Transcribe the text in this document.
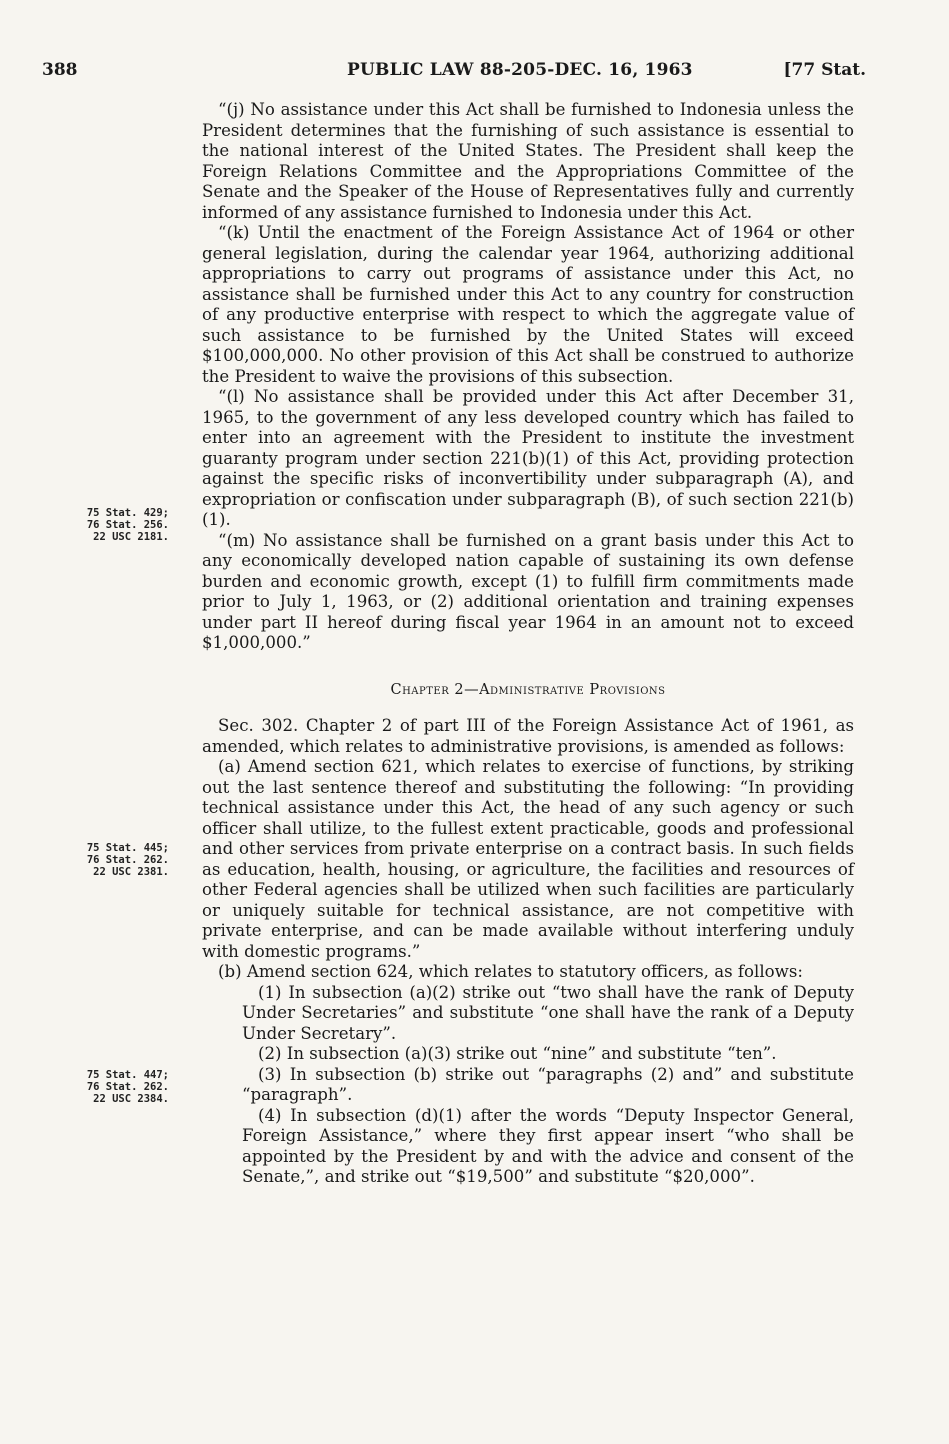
388	PUBLIC LAW 88-205-DEC. 16, 1963	[77 Stat.
75 Stat. 429;
76 Stat. 256.
22 USC 2181.
75 Stat. 445;
76 Stat. 262.
22 USC 2381.
75 Stat. 447;
76 Stat. 262.
22 USC 2384.

“(j) No assistance under this Act shall be furnished to Indonesia unless the President determines that the furnishing of such assistance is essential to the national interest of the United States. The President shall keep the Foreign Relations Committee and the Appropriations Committee of the Senate and the Speaker of the House of Representatives fully and currently informed of any assistance furnished to Indonesia under this Act.

“(k) Until the enactment of the Foreign Assistance Act of 1964 or other general legislation, during the calendar year 1964, authorizing additional appropriations to carry out programs of assistance under this Act, no assistance shall be furnished under this Act to any country for construction of any productive enterprise with respect to which the aggregate value of such assistance to be furnished by the United States will exceed $100,000,000. No other provision of this Act shall be construed to authorize the President to waive the provisions of this subsection.

“(l) No assistance shall be provided under this Act after December 31, 1965, to the government of any less developed country which has failed to enter into an agreement with the President to institute the investment guaranty program under section 221(b)(1) of this Act, providing protection against the specific risks of inconvertibility under subparagraph (A), and expropriation or confiscation under subparagraph (B), of such section 221(b)(1).

“(m) No assistance shall be furnished on a grant basis under this Act to any economically developed nation capable of sustaining its own defense burden and economic growth, except (1) to fulfill firm commitments made prior to July 1, 1963, or (2) additional orientation and training expenses under part II hereof during fiscal year 1964 in an amount not to exceed $1,000,000.”

Chapter 2—Administrative Provisions

Sec. 302. Chapter 2 of part III of the Foreign Assistance Act of 1961, as amended, which relates to administrative provisions, is amended as follows:

(a) Amend section 621, which relates to exercise of functions, by striking out the last sentence thereof and substituting the following: “In providing technical assistance under this Act, the head of any such agency or such officer shall utilize, to the fullest extent practicable, goods and professional and other services from private enterprise on a contract basis. In such fields as education, health, housing, or agriculture, the facilities and resources of other Federal agencies shall be utilized when such facilities are particularly or uniquely suitable for technical assistance, are not competitive with private enterprise, and can be made available without interfering unduly with domestic programs.”

(b) Amend section 624, which relates to statutory officers, as follows:

(1) In subsection (a)(2) strike out “two shall have the rank of Deputy Under Secretaries” and substitute “one shall have the rank of a Deputy Under Secretary”.

(2) In subsection (a)(3) strike out “nine” and substitute “ten”.

(3) In subsection (b) strike out “paragraphs (2) and” and substitute “paragraph”.

(4) In subsection (d)(1) after the words “Deputy Inspector General, Foreign Assistance,” where they first appear insert “who shall be appointed by the President by and with the advice and consent of the Senate,”, and strike out “$19,500” and substitute “$20,000”.
